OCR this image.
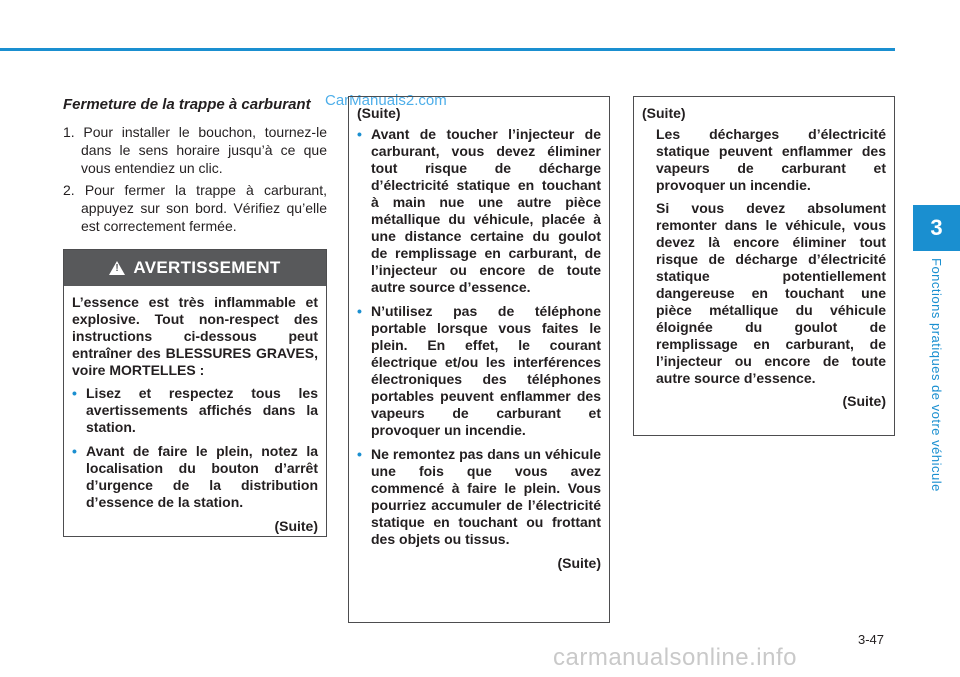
3
Fonctions pratiques de votre véhicule
CarManuals2.com
Fermeture de la trappe à carburant
1. Pour installer le bouchon, tournez-le dans le sens horaire jusqu’à ce que vous entendiez un clic.
2. Pour fermer la trappe à carburant, appuyez sur son bord. Vérifiez qu’elle est correctement fermée.
! AVERTISSEMENT

L’essence est très inflammable et explosive. Tout non-respect des instructions ci-dessous peut entraîner des BLESSURES GRAVES, voire MORTELLES :

• Lisez et respectez tous les avertissements affichés dans la station.
• Avant de faire le plein, notez la localisation du bouton d’arrêt d’urgence de la distribution d’essence de la station.
(Suite)
(Suite)
• Avant de toucher l’injecteur de carburant, vous devez éliminer tout risque de décharge d’électricité statique en touchant à main nue une autre pièce métallique du véhicule, placée à une distance certaine du goulot de remplissage en carburant, de l’injecteur ou encore de toute autre source d’essence.
• N’utilisez pas de téléphone portable lorsque vous faites le plein. En effet, le courant électrique et/ou les interférences électroniques des téléphones portables peuvent enflammer des vapeurs de carburant et provoquer un incendie.
• Ne remontez pas dans un véhicule une fois que vous avez commencé à faire le plein. Vous pourriez accumuler de l’électricité statique en touchant ou frottant des objets ou tissus.
(Suite)
(Suite)

Les décharges d’électricité statique peuvent enflammer des vapeurs de carburant et provoquer un incendie.

Si vous devez absolument remonter dans le véhicule, vous devez là encore éliminer tout risque de décharge d’électricité statique potentiellement dangereuse en touchant une pièce métallique du véhicule éloignée du goulot de remplissage en carburant, de l’injecteur ou encore de toute autre source d’essence.

(Suite)
3-47
carmanualsonline.info
